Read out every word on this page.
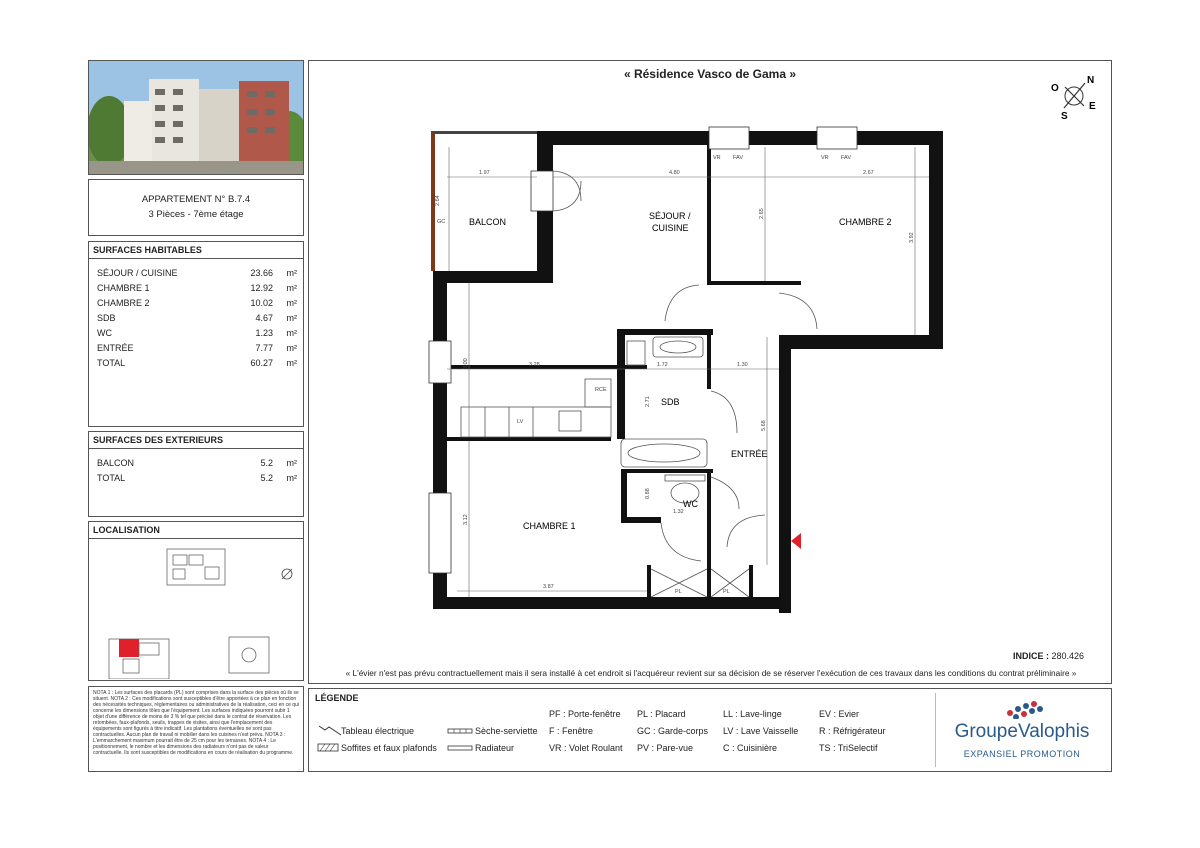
APPARTEMENT N° B.7.4
3 Pièces - 7ème étage
SURFACES HABITABLES
SÉJOUR / CUISINE	23.66	m²
CHAMBRE 1	12.92	m²
CHAMBRE 2	10.02	m²
SDB	4.67	m²
WC	1.23	m²
ENTRÉE	7.77	m²
TOTAL	60.27	m²
SURFACES DES EXTERIEURS
BALCON	5.2	m²
TOTAL	5.2	m²
LOCALISATION
NOTA 1 : Les surfaces des placards (PL) sont comprises dans la surface des pièces où ils se situent. NOTA 2 : Ces modifications sont susceptibles d'être apportées à ce plan en fonction des nécessités techniques, réglementaires ou administratives de la réalisation, ceci en ce qui concerne les dimensions tôles que l'équipement. Les surfaces indiquées pourront subir 1 objet d'une différence de moins de 3 % tel que précisé dans le contrat de réservation. Les retombées, faux-plafonds, seuils, trappes de visites, ainsi que l'emplacement des équipements sont figurés à titre indicatif. Les plantations éventuelles ne sont pas contractuelles. Aucun plan de travail ni mobilier dans les cuisines n'est prévu. NOTA 3 : L'emmarchement maximum pourrait être de 25 cm pour les terrasses. NOTA 4 : Le positionnement, le nombre et les dimensions des radiateurs n'ont pas de valeur contractuelle. Ils sont susceptibles de modifications en cours de réalisation du programme.
« Résidence Vasco de Gama »	N
O
E
S
BALCON
SÉJOUR /
CUISINE
CHAMBRE 2
SDB
ENTRÉE
WC
CHAMBRE 1
1.97	4.80	2.67
3.28	1.72	1.30
3.87
1.32
2.64
2.65
3.92
3.00
2.71
5.68
3.12
0.88
VR FAV	VR FAV
GC
PL	PL
LV
R CE
INDICE : 280.426
« L'évier n'est pas prévu contractuellement mais il sera installé à cet endroit si l'acquéreur revient sur sa décision de se réserver l'exécution de ces travaux dans les conditions du contrat préliminaire »
LÉGENDE
Tableau électrique
Soffites et faux plafonds
Sèche-serviette
Radiateur
PF : Porte-fenêtre
F : Fenêtre
VR : Volet Roulant
PL : Placard
GC : Garde-corps
PV : Pare-vue
LL : Lave-linge
LV : Lave Vaisselle
C : Cuisinière
EV : Evier
R : Réfrigérateur
TS : TriSelectif
GroupeValophis
EXPANSIEL PROMOTION
